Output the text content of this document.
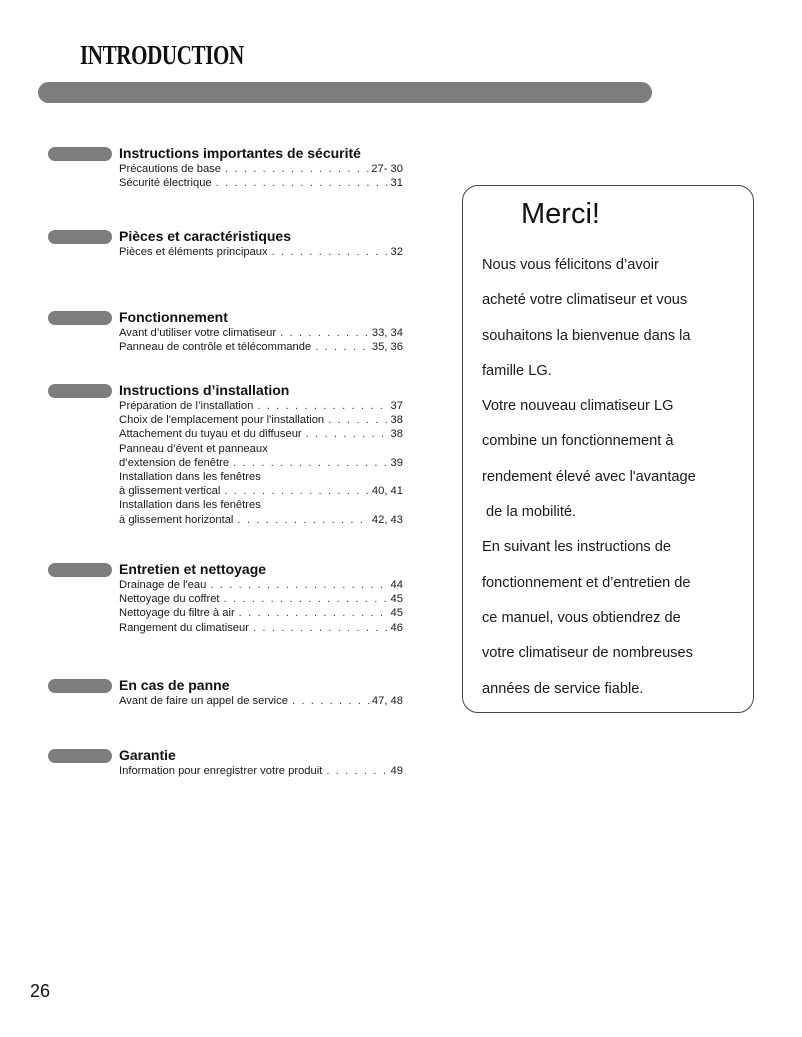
INTRODUCTION
Instructions importantes de sécurité
Précautions de base . . .	27- 30
Sécurité électrique . . .	31
Pièces et caractéristiques
Pièces et éléments principaux . . .	32
Fonctionnement
Avant d’utiliser votre climatiseur . . .	33, 34
Panneau de contrôle et télécommande . . .	35, 36
Instructions d’installation
Préparation de l’installation . . .	37
Choix de l'emplacement pour l'installation . . .	38
Attachement du tuyau et du diffuseur . . .	38
Panneau d’évent et panneaux
d’extension de fenêtre . . .	39
Installation dans les fenêtres
à glissement vertical . . .	40, 41
Installation dans les fenêtres
à glissement horizontal . . .	42, 43
Entretien et nettoyage
Drainage de l'eau . . .	44
Nettoyage du coffret . . .	45
Nettoyage du filtre à air . . .	45
Rangement du climatiseur . . .	46
En cas de panne
Avant de faire un appel de service . . .	47, 48
Garantie
Information pour enregistrer votre produit . . .	49
Merci!
Nous vous félicitons d’avoir
acheté votre climatiseur et vous
souhaitons la bienvenue dans la
famille LG.
Votre nouveau climatiseur LG
combine un fonctionnement à
rendement élevé avec l'avantage
de la mobilité.
En suivant les instructions de
fonctionnement et d’entretien de
ce manuel, vous obtiendrez de
votre climatiseur de nombreuses
années de service fiable.
26
